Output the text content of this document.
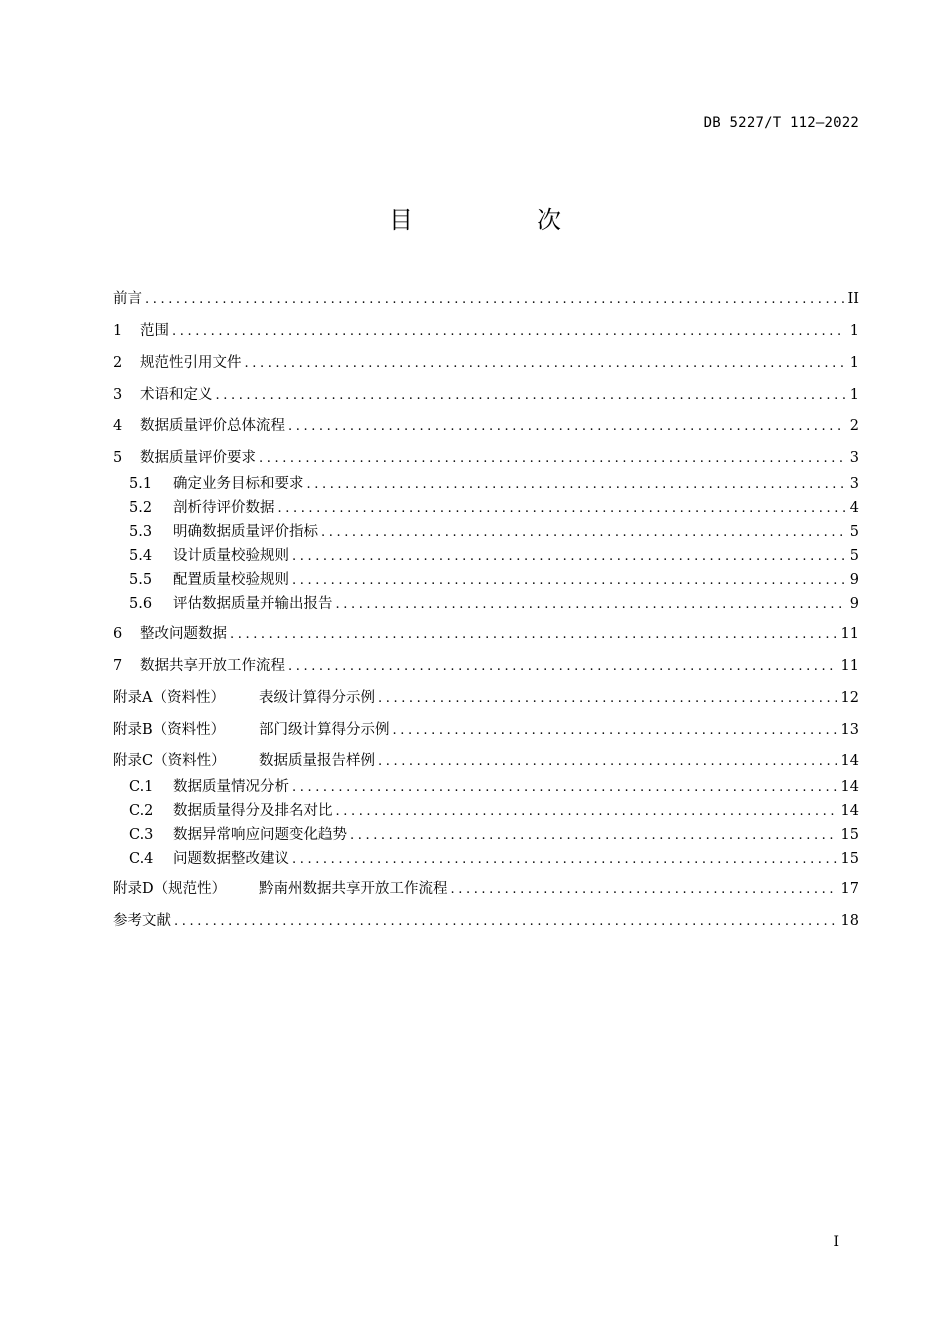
DB 5227/T 112—2022
目　次
前言 .....	II
1	范围 .....	1
2	规范性引用文件 .....	1
3	术语和定义 .....	1
4	数据质量评价总体流程 .....	2
5	数据质量评价要求 .....	3
5.1	确定业务目标和要求 .....	3
5.2	剖析待评价数据 .....	4
5.3	明确数据质量评价指标 .....	5
5.4	设计质量校验规则 .....	5
5.5	配置质量校验规则 .....	9
5.6	评估数据质量并输出报告 .....	9
6	整改问题数据 .....	11
7	数据共享开放工作流程 .....	11
附录A（资料性）	表级计算得分示例 .....	12
附录B（资料性）	部门级计算得分示例 .....	13
附录C（资料性）	数据质量报告样例 .....	14
C.1	数据质量情况分析 .....	14
C.2	数据质量得分及排名对比 .....	14
C.3	数据异常响应问题变化趋势 .....	15
C.4	问题数据整改建议 .....	15
附录D（规范性）	黔南州数据共享开放工作流程 .....	17
参考文献 .....	18
I
